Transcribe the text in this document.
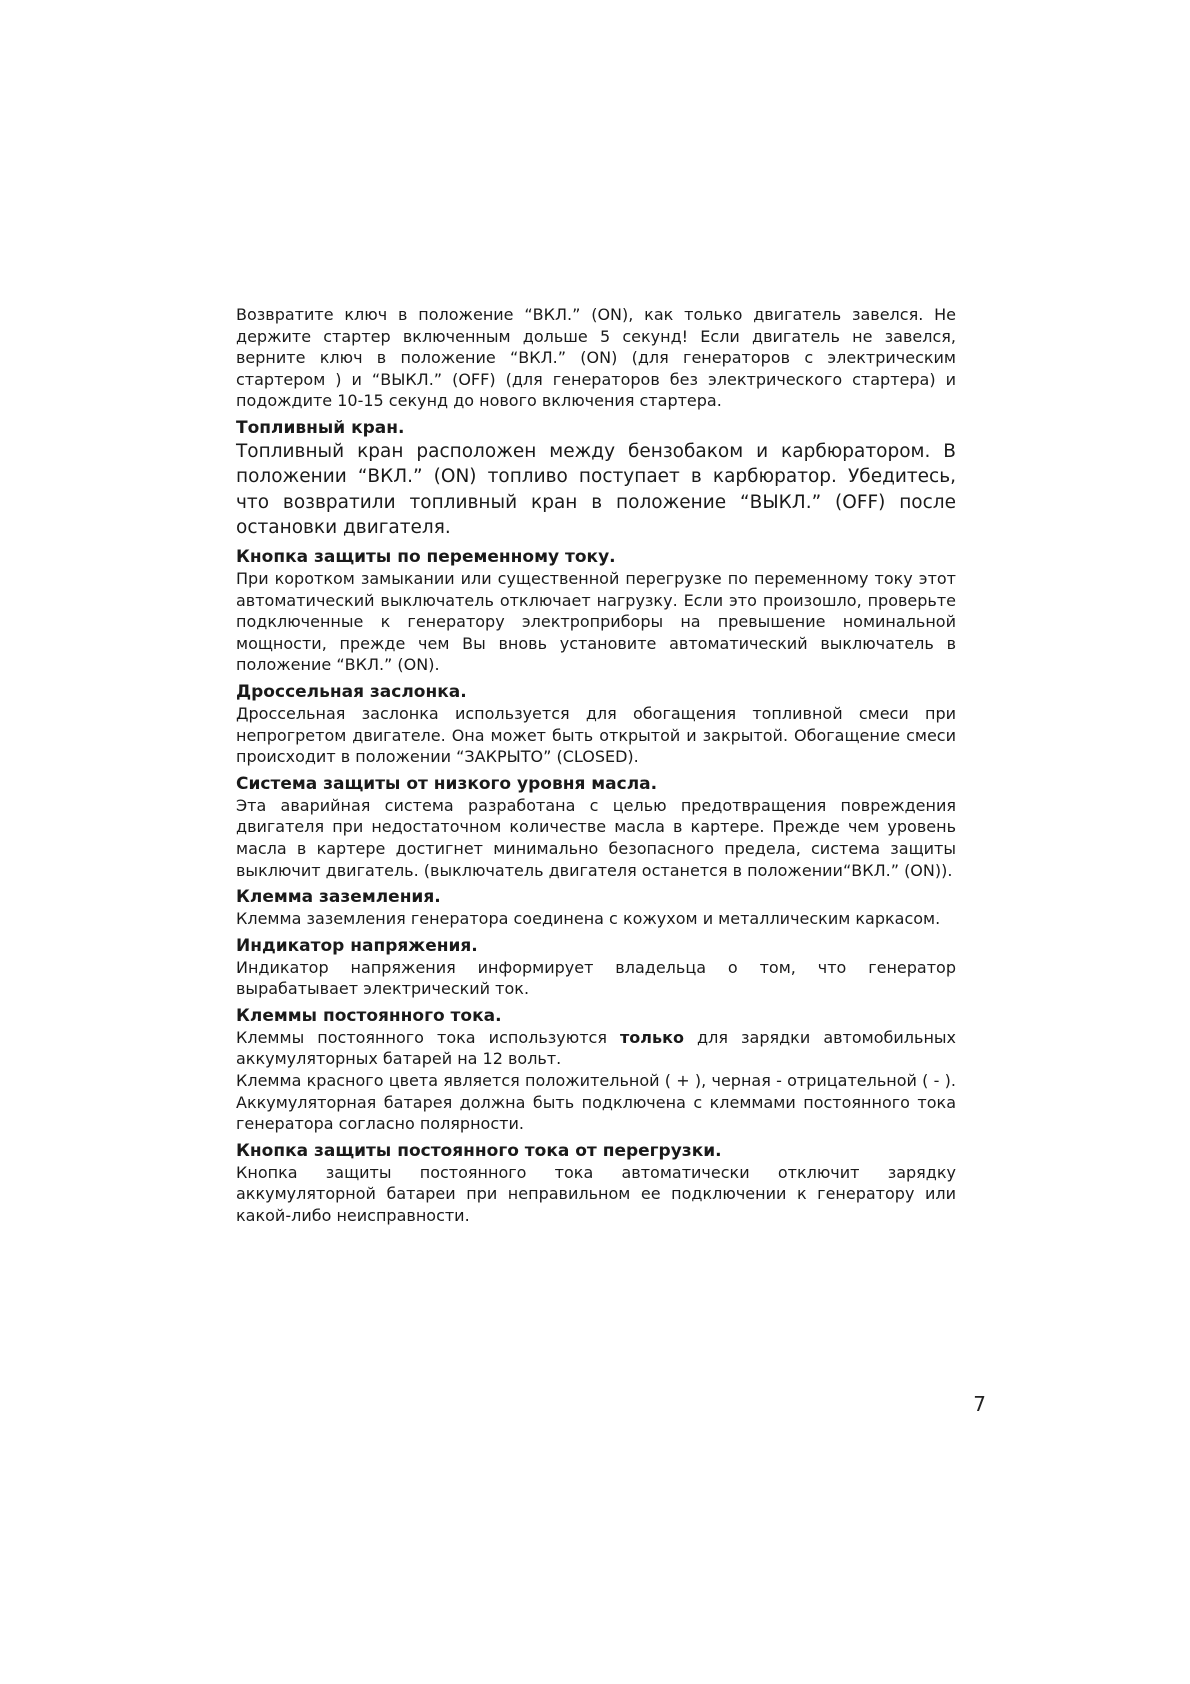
Возвратите ключ в положение “ВКЛ.” (ON), как только двигатель завелся. Не держите стартер включенным дольше 5 секунд! Если двигатель не завелся, верните ключ в положение “ВКЛ.” (ON) (для генераторов с электрическим стартером ) и “ВЫКЛ.” (OFF) (для генераторов без электрического стартера) и подождите 10-15 секунд до нового включения стартера.

Топливный кран.

Топливный кран расположен между бензобаком и карбюратором. В положении “ВКЛ.” (ON) топливо поступает в карбюратор. Убедитесь, что возвратили топливный кран в положение “ВЫКЛ.” (OFF) после остановки двигателя.

Кнопка защиты по переменному току.

При коротком замыкании или существенной перегрузке по переменному току этот автоматический выключатель отключает нагрузку. Если это произошло, проверьте подключенные к генератору электроприборы на превышение номинальной мощности, прежде чем Вы вновь установите автоматический выключатель в положение “ВКЛ.” (ON).

Дроссельная заслонка.

Дроссельная заслонка используется для обогащения топливной смеси при непрогретом двигателе. Она может быть открытой и закрытой. Обогащение смеси происходит в положении “ЗАКРЫТО” (CLOSED).

Система защиты от низкого уровня масла.

Эта аварийная система разработана с целью предотвращения повреждения двигателя при недостаточном количестве масла в картере. Прежде чем уровень масла в картере достигнет минимально безопасного предела, система защиты выключит двигатель. (выключатель двигателя останется в положении“ВКЛ.” (ON)).

Клемма заземления.

Клемма заземления генератора соединена с кожухом и металлическим каркасом.

Индикатор напряжения.

Индикатор напряжения информирует владельца о том, что генератор вырабатывает электрический ток.

Клеммы постоянного тока.

Клеммы постоянного тока используются только для зарядки автомобильных аккумуляторных батарей на 12 вольт.

Клемма красного цвета является положительной ( + ), черная - отрицательной ( - ). Аккумуляторная батарея должна быть подключена с клеммами постоянного тока генератора согласно полярности.

Кнопка защиты постоянного тока от перегрузки.

Кнопка защиты постоянного тока автоматически отключит зарядку аккумуляторной батареи при неправильном ее подключении к генератору или какой-либо неисправности.

7
